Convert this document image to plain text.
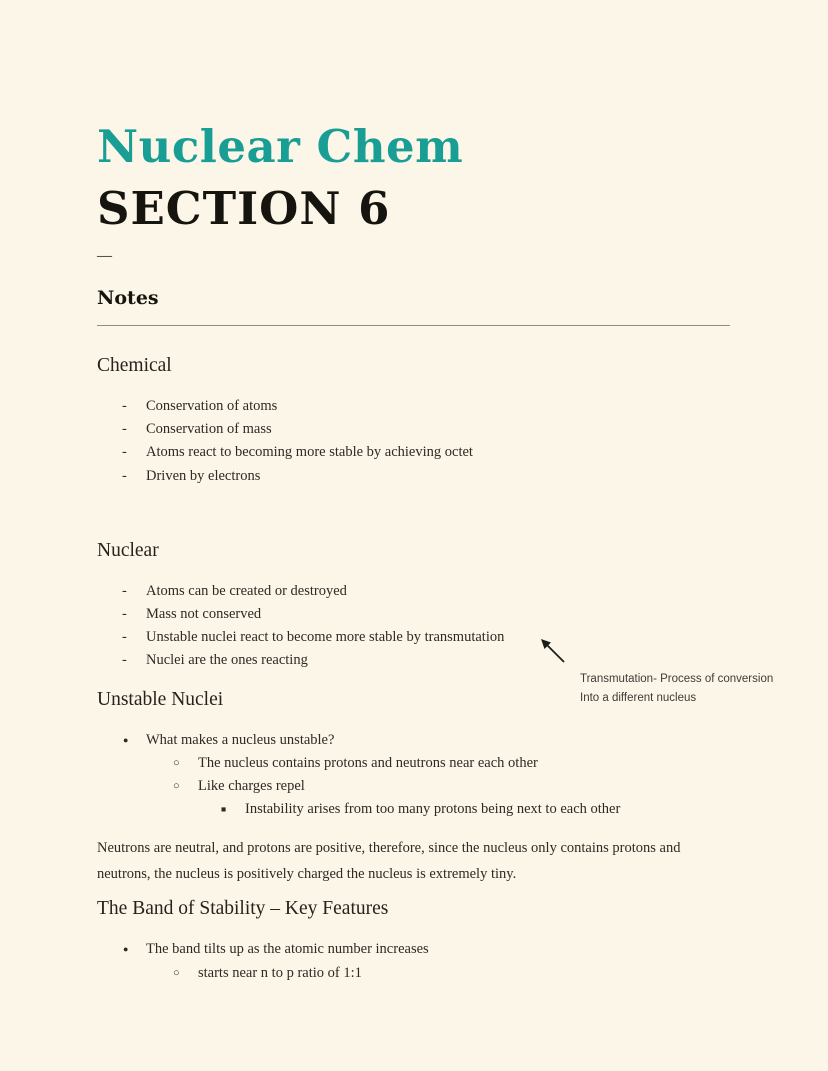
Nuclear Chem
SECTION 6
—
Notes
Chemical
- Conservation of atoms
- Conservation of mass
- Atoms react to becoming more stable by achieving octet
- Driven by electrons
Nuclear
- Atoms can be created or destroyed
- Mass not conserved
- Unstable nuclei react to become more stable by transmutation
- Nuclei are the ones reacting
Unstable Nuclei
● What makes a nucleus unstable?
○ The nucleus contains protons and neutrons near each other
○ Like charges repel
■ Instability arises from too many protons being next to each other

Neutrons are neutral, and protons are positive, therefore, since the nucleus only contains protons and neutrons, the nucleus is positively charged the nucleus is extremely tiny.

The Band of Stability – Key Features
● The band tilts up as the atomic number increases
○ starts near n to p ratio of 1:1
Transmutation- Process of conversion
Into a different nucleus
